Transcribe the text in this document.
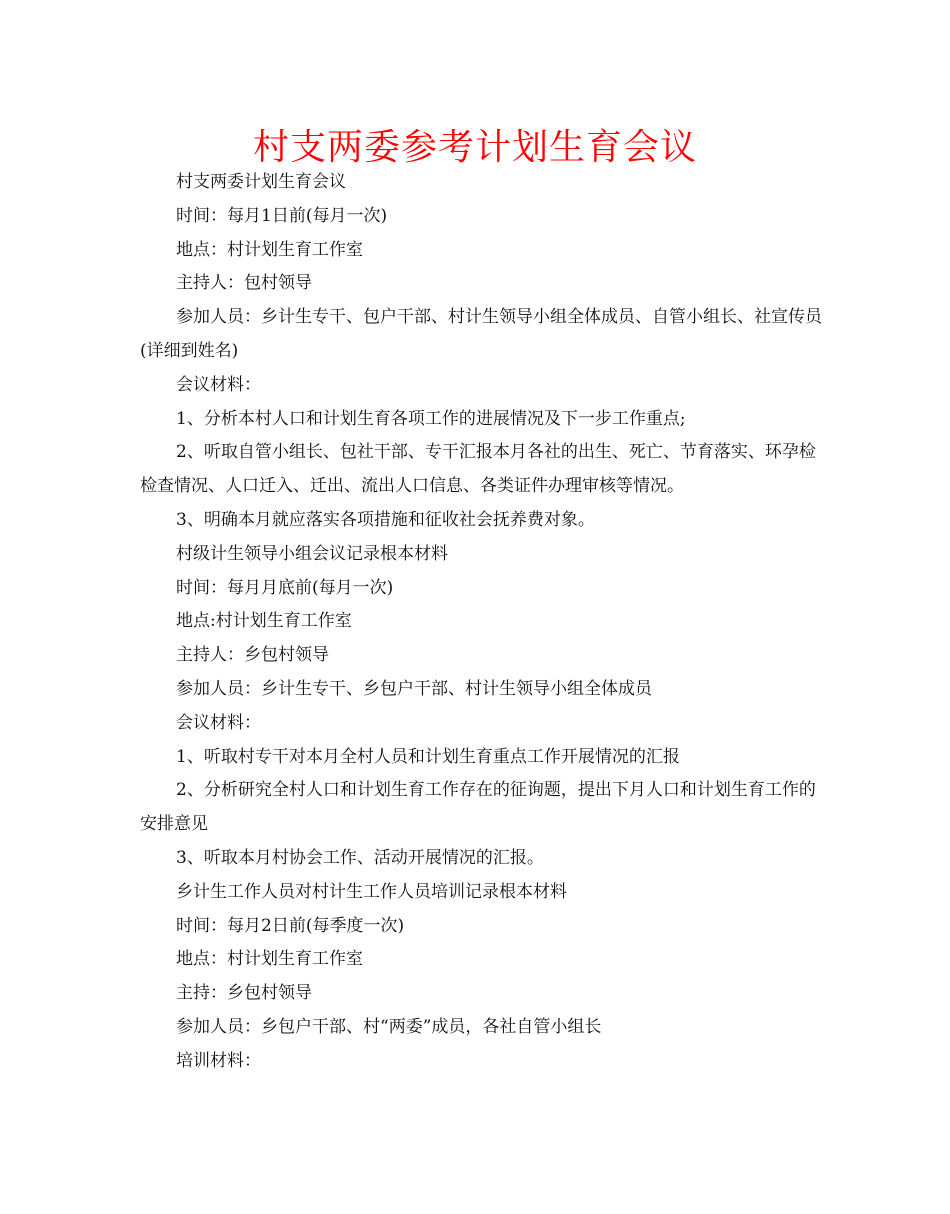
村支两委参考计划生育会议

村支两委计划生育会议

时间：每月1日前(每月一次)

地点：村计划生育工作室

主持人：包村领导

参加人员：乡计生专干、包户干部、村计生领导小组全体成员、自管小组长、社宣传员(详细到姓名)

会议材料：

1、分析本村人口和计划生育各项工作的进展情况及下一步工作重点;

2、听取自管小组长、包社干部、专干汇报本月各社的出生、死亡、节育落实、环孕检检查情况、人口迁入、迁出、流出人口信息、各类证件办理审核等情况。

3、明确本月就应落实各项措施和征收社会抚养费对象。

村级计生领导小组会议记录根本材料

时间：每月月底前(每月一次)

地点:村计划生育工作室

主持人：乡包村领导

参加人员：乡计生专干、乡包户干部、村计生领导小组全体成员

会议材料：

1、听取村专干对本月全村人员和计划生育重点工作开展情况的汇报

2、分析研究全村人口和计划生育工作存在的征询题，提出下月人口和计划生育工作的安排意见

3、听取本月村协会工作、活动开展情况的汇报。

乡计生工作人员对村计生工作人员培训记录根本材料

时间：每月2日前(每季度一次)

地点：村计划生育工作室

主持：乡包村领导

参加人员：乡包户干部、村“两委”成员，各社自管小组长

培训材料：
